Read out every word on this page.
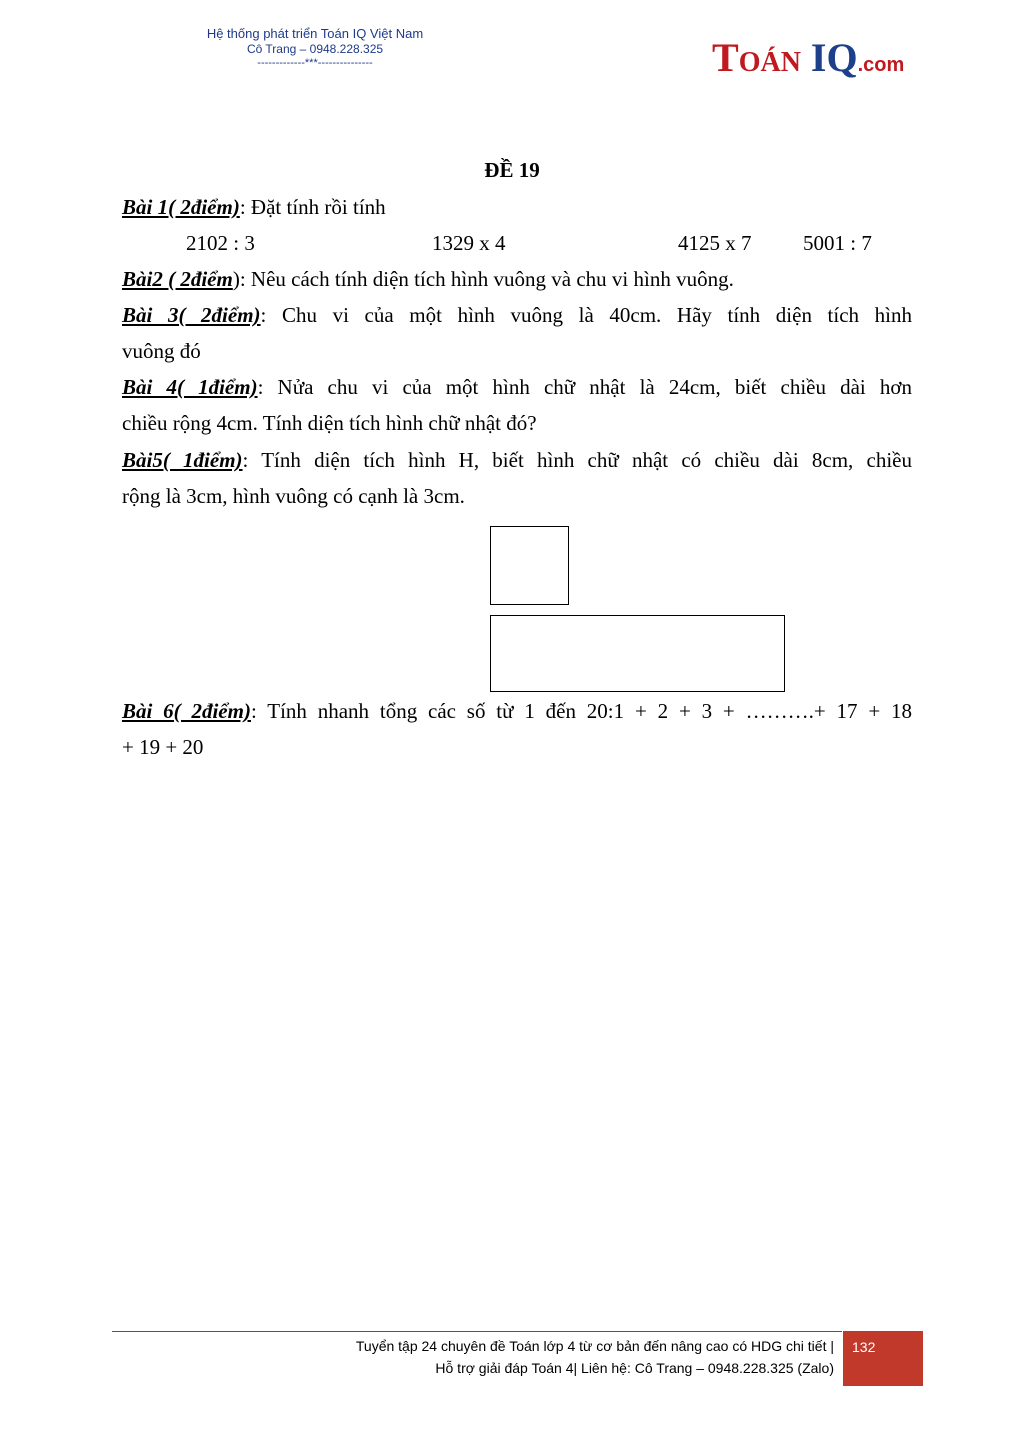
Hệ thống phát triển Toán IQ Việt Nam
Cô Trang – 0948.228.325
-------------***---------------	TOÁN IQ.com
ĐỀ 19
Bài 1( 2điểm): Đặt tính rồi tính
2102 : 3	1329 x 4	4125 x 7 5001 : 7
Bài2 ( 2điểm): Nêu cách tính diện tích hình vuông và chu vi hình vuông.
Bài 3( 2điểm): Chu vi của một hình vuông là 40cm. Hãy tính diện tích hình
vuông đó
Bài 4( 1điểm): Nửa chu vi của một hình chữ nhật là 24cm, biết chiều dài hơn
chiều rộng 4cm. Tính diện tích hình chữ nhật đó?
Bài5( 1điểm): Tính diện tích hình H, biết hình chữ nhật có chiều dài 8cm, chiều
rộng là 3cm, hình vuông có cạnh là 3cm.
Bài 6( 2điểm): Tính nhanh tổng các số từ 1 đến 20:1 + 2 + 3 + ……….+ 17 + 18
+ 19 + 20
Tuyển tập 24 chuyên đề Toán lớp 4 từ cơ bản đến nâng cao có HDG chi tiết |
Hỗ trợ giải đáp Toán 4| Liên hệ: Cô Trang – 0948.228.325 (Zalo)
132
